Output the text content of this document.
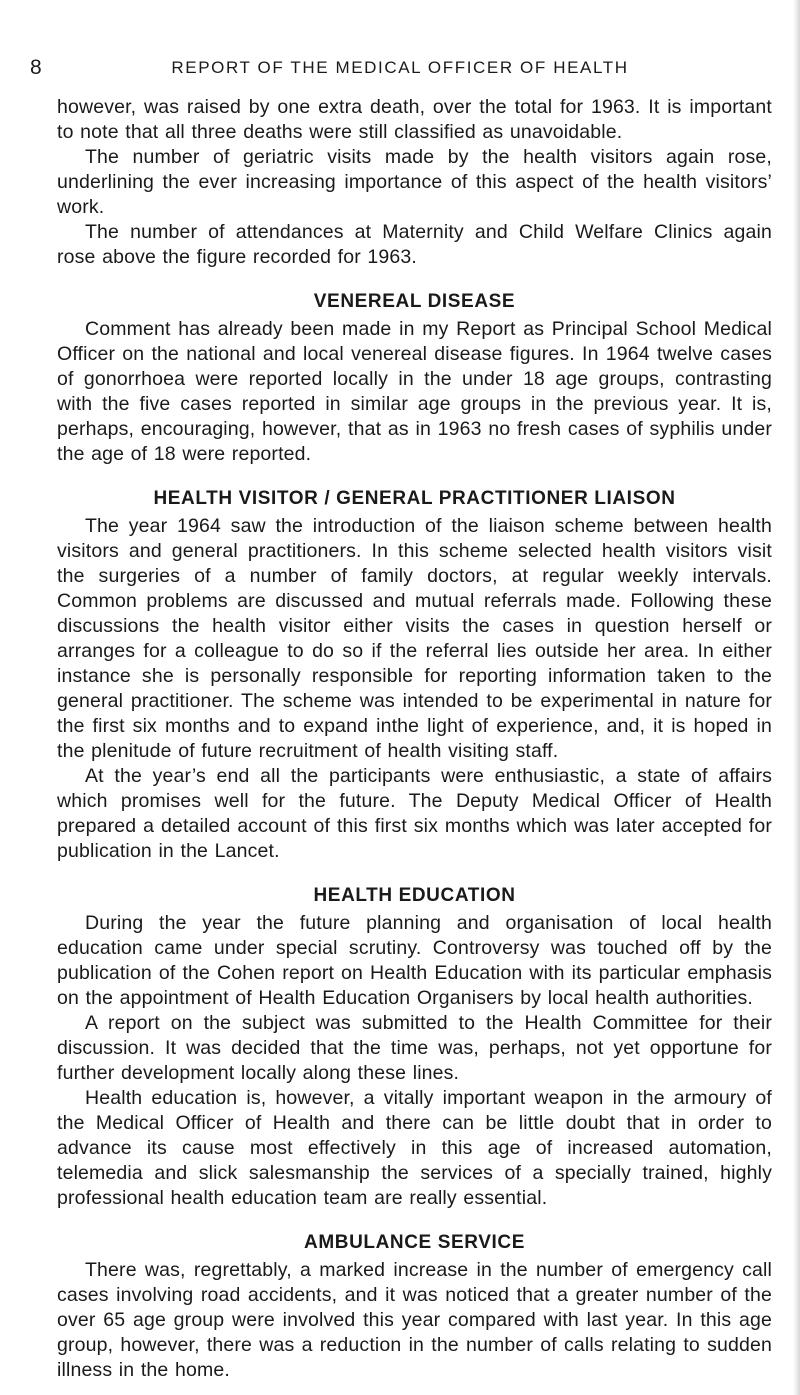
8	REPORT OF THE MEDICAL OFFICER OF HEALTH

however, was raised by one extra death, over the total for 1963. It is important to note that all three deaths were still classified as unavoidable.

The number of geriatric visits made by the health visitors again rose, underlining the ever increasing importance of this aspect of the health visitors’ work.

The number of attendances at Maternity and Child Welfare Clinics again rose above the figure recorded for 1963.

VENEREAL DISEASE

Comment has already been made in my Report as Principal School Medical Officer on the national and local venereal disease figures. In 1964 twelve cases of gonorrhoea were reported locally in the under 18 age groups, contrasting with the five cases reported in similar age groups in the previous year. It is, perhaps, encouraging, however, that as in 1963 no fresh cases of syphilis under the age of 18 were reported.

HEALTH VISITOR / GENERAL PRACTITIONER LIAISON

The year 1964 saw the introduction of the liaison scheme between health visitors and general practitioners. In this scheme selected health visitors visit the surgeries of a number of family doctors, at regular weekly intervals. Common problems are discussed and mutual referrals made. Following these discussions the health visitor either visits the cases in question herself or arranges for a colleague to do so if the referral lies outside her area. In either instance she is personally responsible for reporting information taken to the general practitioner. The scheme was intended to be experimental in nature for the first six months and to expand inthe light of experience, and, it is hoped in the plenitude of future recruitment of health visiting staff.

At the year’s end all the participants were enthusiastic, a state of affairs which promises well for the future. The Deputy Medical Officer of Health prepared a detailed account of this first six months which was later accepted for publication in the Lancet.

HEALTH EDUCATION

During the year the future planning and organisation of local health education came under special scrutiny. Controversy was touched off by the publication of the Cohen report on Health Education with its particular emphasis on the appointment of Health Education Organisers by local health authorities.

A report on the subject was submitted to the Health Committee for their discussion. It was decided that the time was, perhaps, not yet opportune for further development locally along these lines.

Health education is, however, a vitally important weapon in the armoury of the Medical Officer of Health and there can be little doubt that in order to advance its cause most effectively in this age of increased automation, telemedia and slick salesmanship the services of a specially trained, highly professional health education team are really essential.

AMBULANCE SERVICE

There was, regrettably, a marked increase in the number of emergency call cases involving road accidents, and it was noticed that a greater number of the over 65 age group were involved this year compared with last year. In this age group, however, there was a reduction in the number of calls relating to sudden illness in the home.
